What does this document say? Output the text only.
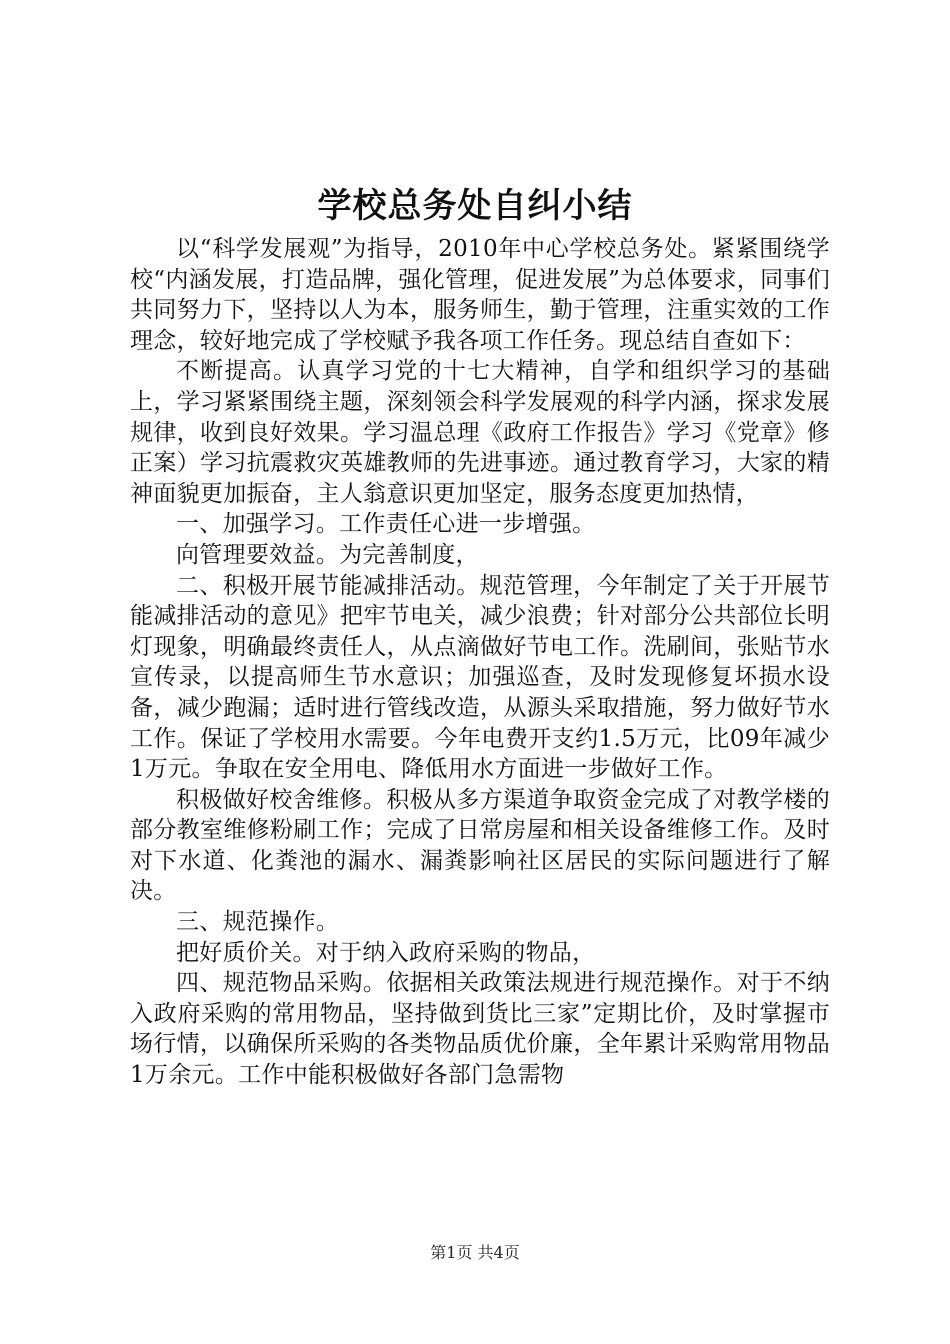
学校总务处自纠小结

以“科学发展观”为指导，2010年中心学校总务处。紧紧围绕学校“内涵发展，打造品牌，强化管理，促进发展”为总体要求，同事们共同努力下，坚持以人为本，服务师生，勤于管理，注重实效的工作理念，较好地完成了学校赋予我各项工作任务。现总结自查如下：

不断提高。认真学习党的十七大精神，自学和组织学习的基础上，学习紧紧围绕主题，深刻领会科学发展观的科学内涵，探求发展规律，收到良好效果。学习温总理《政府工作报告》学习《党章》修正案）学习抗震救灾英雄教师的先进事迹。通过教育学习，大家的精神面貌更加振奋，主人翁意识更加坚定，服务态度更加热情，

一、加强学习。工作责任心进一步增强。

向管理要效益。为完善制度，

二、积极开展节能减排活动。规范管理，今年制定了关于开展节能减排活动的意见》把牢节电关，减少浪费；针对部分公共部位长明灯现象，明确最终责任人，从点滴做好节电工作。洗刷间，张贴节水宣传录，以提高师生节水意识；加强巡查，及时发现修复坏损水设备，减少跑漏；适时进行管线改造，从源头采取措施，努力做好节水工作。保证了学校用水需要。今年电费开支约1.5万元，比09年减少1万元。争取在安全用电、降低用水方面进一步做好工作。

积极做好校舍维修。积极从多方渠道争取资金完成了对教学楼的部分教室维修粉刷工作；完成了日常房屋和相关设备维修工作。及时对下水道、化粪池的漏水、漏粪影响社区居民的实际问题进行了解决。

三、规范操作。

把好质价关。对于纳入政府采购的物品，

四、规范物品采购。依据相关政策法规进行规范操作。对于不纳入政府采购的常用物品，坚持做到货比三家”定期比价，及时掌握市场行情，以确保所采购的各类物品质优价廉，全年累计采购常用物品1万余元。工作中能积极做好各部门急需物

第1页 共4页
